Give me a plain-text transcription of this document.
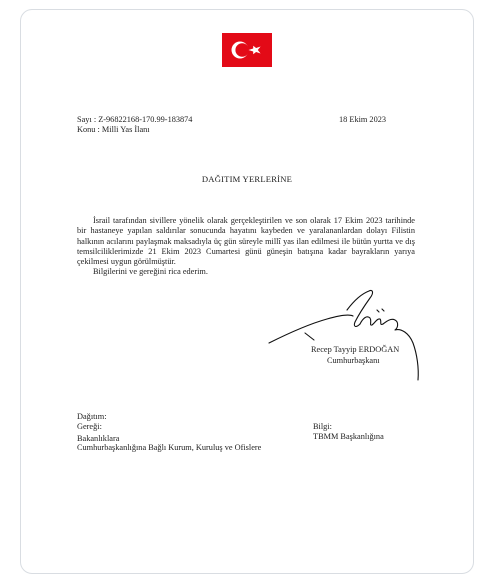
Sayı : Z-96822168-170.99-183874
Konu : Milli Yas İlanı
18 Ekim 2023
DAĞITIM YERLERİNE

İsrail tarafından sivillere yönelik olarak gerçekleştirilen ve son olarak 17 Ekim 2023 tarihinde bir hastaneye yapılan saldırılar sonucunda hayatını kaybeden ve yaralananlardan dolayı Filistin halkının acılarını paylaşmak maksadıyla üç gün süreyle millî yas ilan edilmesi ile bütün yurtta ve dış temsilciliklerimizde 21 Ekim 2023 Cumartesi günü güneşin batışına kadar bayrakların yarıya çekilmesi uygun görülmüştür.

Bilgilerini ve gereğini rica ederim.

Recep Tayyip ERDOĞAN
Cumhurbaşkanı
Dağıtım:
Gereği:
Bakanlıklara
Cumhurbaşkanlığına Bağlı Kurum, Kuruluş ve Ofislere
Bilgi:
TBMM Başkanlığına
